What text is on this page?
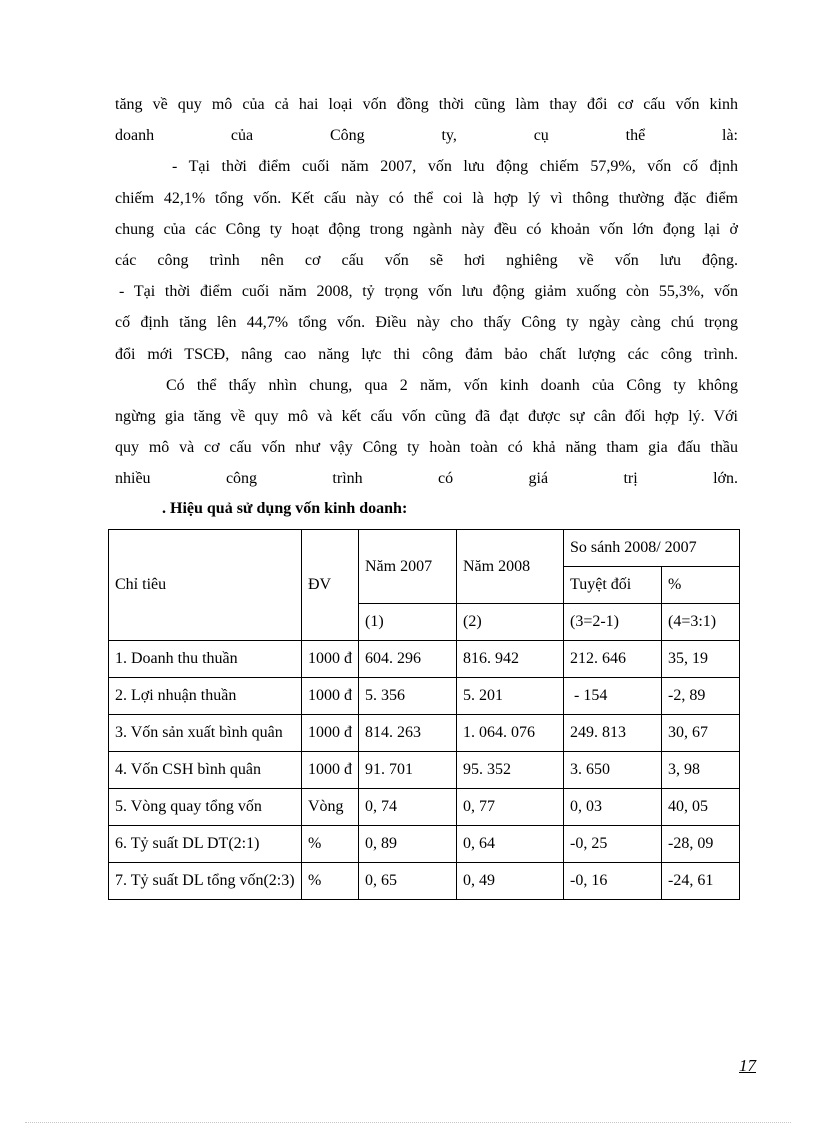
tăng về quy mô của cả hai loại vốn đồng thời cũng làm thay đổi cơ cấu vốn kinh
doanh của Công ty, cụ thể là:

- Tại thời điểm cuối năm 2007, vốn lưu động chiếm 57,9%, vốn cố định
chiếm 42,1% tổng vốn. Kết cấu này có thể coi là hợp lý vì thông thường đặc điểm
chung của các Công ty hoạt động trong ngành này đều có khoản vốn lớn đọng lại ở
các công trình nên cơ cấu vốn sẽ hơi nghiêng về vốn lưu động.

- Tại thời điểm cuối năm 2008, tỷ trọng vốn lưu động giảm xuống còn 55,3%, vốn
cố định tăng lên 44,7% tổng vốn. Điều này cho thấy Công ty ngày càng chú trọng
đổi mới TSCĐ, nâng cao năng lực thi công đảm bảo chất lượng các công trình.

Có thể thấy nhìn chung, qua 2 năm, vốn kinh doanh của Công ty không
ngừng gia tăng về quy mô và kết cấu vốn cũng đã đạt được sự cân đối hợp lý. Với
quy mô và cơ cấu vốn như vậy Công ty hoàn toàn có khả năng tham gia đấu thầu
nhiều công trình có giá trị lớn.

. Hiệu quả sử dụng vốn kinh doanh:
Chỉ tiêu	ĐV	Năm 2007	Năm 2008	So sánh 2008/ 2007	
				Tuyệt đối	%
		(1)	(2)	(3=2-1)	(4=3:1)
1. Doanh thu thuần	1000 đ	604. 296	816. 942	212. 646	35, 19
2. Lợi nhuận thuần	1000 đ	5. 356	5. 201	- 154	-2, 89
3. Vốn sản xuất bình quân	1000 đ	814. 263	1. 064. 076	249. 813	30, 67
4. Vốn CSH bình quân	1000 đ	91. 701	95. 352	3. 650	3, 98
5. Vòng quay tổng vốn	Vòng	0, 74	0, 77	0, 03	40, 05
6. Tỷ suất DL DT(2:1)	%	0, 89	0, 64	-0, 25	-28, 09
7. Tỷ suất DL tổng vốn(2:3)	%	0, 65	0, 49	-0, 16	-24, 61
17
